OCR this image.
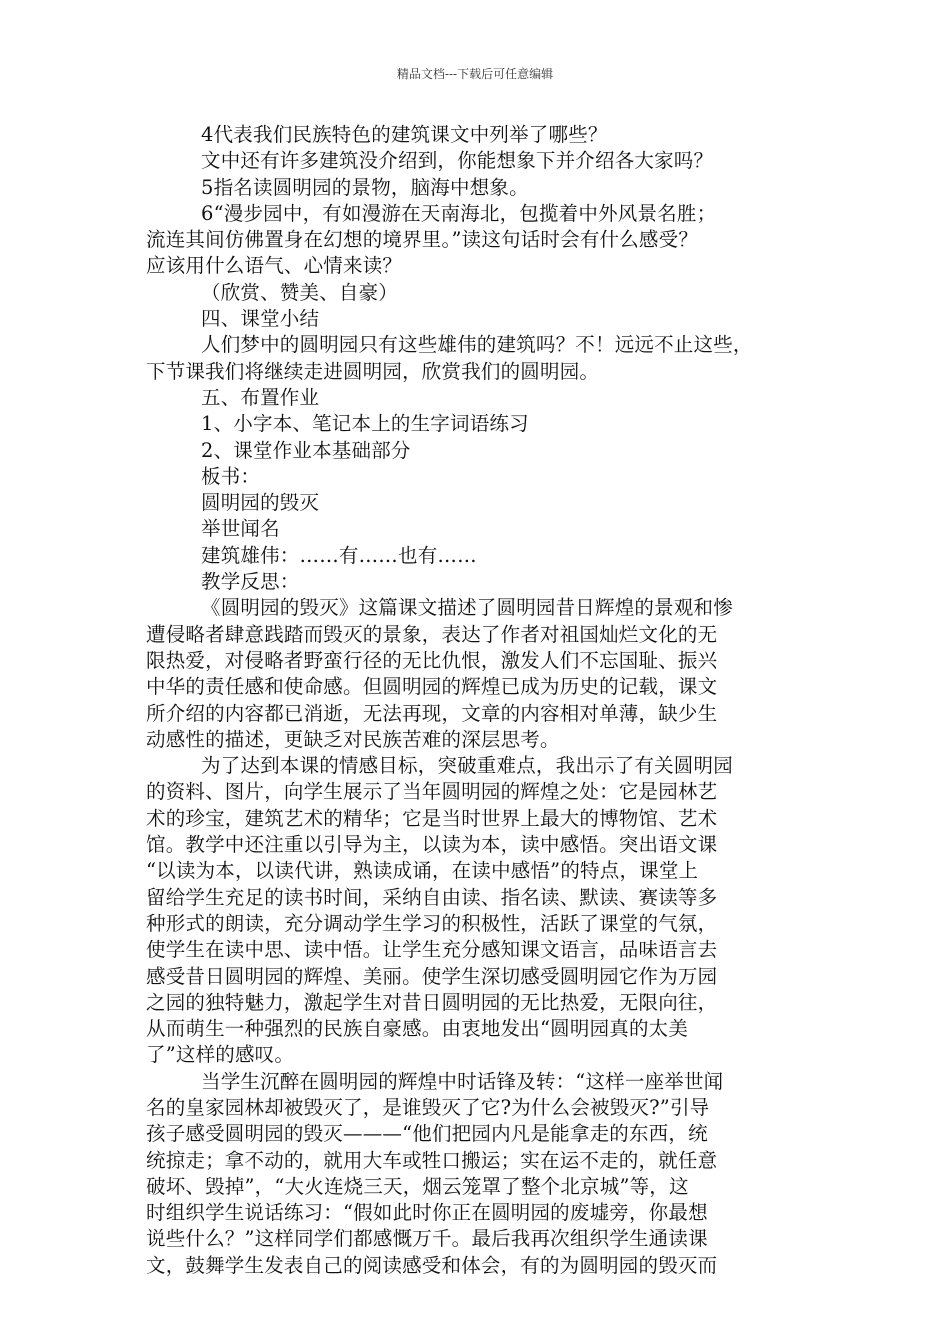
精品文档---下载后可任意编辑
4代表我们民族特色的建筑课文中列举了哪些？
文中还有许多建筑没介绍到，你能想象下并介绍各大家吗？
5指名读圆明园的景物，脑海中想象。
6“漫步园中，有如漫游在天南海北，包揽着中外风景名胜；
流连其间仿佛置身在幻想的境界里。”读这句话时会有什么感受？
应该用什么语气、心情来读？
（欣赏、赞美、自豪）
四、课堂小结
人们梦中的圆明园只有这些雄伟的建筑吗？不！远远不止这些，
下节课我们将继续走进圆明园，欣赏我们的圆明园。
五、布置作业
1、小字本、笔记本上的生字词语练习
2、课堂作业本基础部分
板书：
圆明园的毁灭
举世闻名
建筑雄伟：……有……也有……
教学反思：
《圆明园的毁灭》这篇课文描述了圆明园昔日辉煌的景观和惨
遭侵略者肆意践踏而毁灭的景象，表达了作者对祖国灿烂文化的无
限热爱，对侵略者野蛮行径的无比仇恨，激发人们不忘国耻、振兴
中华的责任感和使命感。但圆明园的辉煌已成为历史的记载，课文
所介绍的内容都已消逝，无法再现，文章的内容相对单薄，缺少生
动感性的描述，更缺乏对民族苦难的深层思考。
为了达到本课的情感目标，突破重难点，我出示了有关圆明园
的资料、图片，向学生展示了当年圆明园的辉煌之处：它是园林艺
术的珍宝，建筑艺术的精华；它是当时世界上最大的博物馆、艺术
馆。教学中还注重以引导为主，以读为本，读中感悟。突出语文课
“以读为本，以读代讲，熟读成诵，在读中感悟”的特点，课堂上
留给学生充足的读书时间，采纳自由读、指名读、默读、赛读等多
种形式的朗读，充分调动学生学习的积极性，活跃了课堂的气氛，
使学生在读中思、读中悟。让学生充分感知课文语言，品味语言去
感受昔日圆明园的辉煌、美丽。使学生深切感受圆明园它作为万园
之园的独特魅力，激起学生对昔日圆明园的无比热爱，无限向往，
从而萌生一种强烈的民族自豪感。由衷地发出“圆明园真的太美
了”这样的感叹。
当学生沉醉在圆明园的辉煌中时话锋及转：“这样一座举世闻
名的皇家园林却被毁灭了，是谁毁灭了它?为什么会被毁灭?”引导
孩子感受圆明园的毁灭———“他们把园内凡是能拿走的东西，统
统掠走；拿不动的，就用大车或牲口搬运；实在运不走的，就任意
破坏、毁掉”，“大火连烧三天，烟云笼罩了整个北京城”等，这
时组织学生说话练习：“假如此时你正在圆明园的废墟旁，你最想
说些什么？”这样同学们都感慨万千。最后我再次组织学生通读课
文，鼓舞学生发表自己的阅读感受和体会，有的为圆明园的毁灭而
